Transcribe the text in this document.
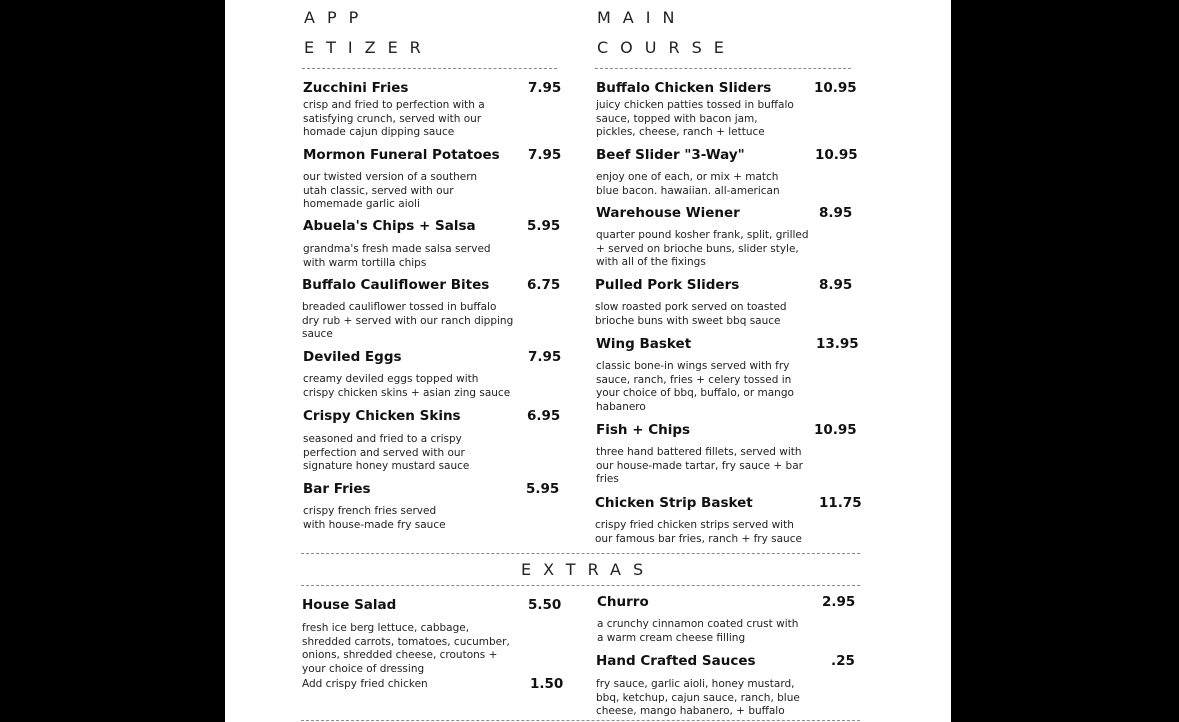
APP
ETIZER
MAIN
COURSE
Zucchini Fries	7.95
crisp and fried to perfection with a
satisfying crunch, served with our
homade cajun dipping sauce
Mormon Funeral Potatoes 7.95
our twisted version of a southern
utah classic, served with our
homemade garlic aioli
Abuela's Chips + Salsa	5.95
grandma's fresh made salsa served
with warm tortilla chips
Buffalo Cauliflower Bites	6.75
breaded cauliflower tossed in buffalo
dry rub + served with our ranch dipping
sauce
Deviled Eggs	7.95
creamy deviled eggs topped with
crispy chicken skins + asian zing sauce
Crispy Chicken Skins	6.95
seasoned and fried to a crispy
perfection and served with our
signature honey mustard sauce
Bar Fries	5.95
crispy french fries served
with house-made fry sauce
Buffalo Chicken Sliders	10.95
juicy chicken patties tossed in buffalo
sauce, topped with bacon jam,
pickles, cheese, ranch + lettuce
Beef Slider "3-Way"	10.95
enjoy one of each, or mix + match
blue bacon. hawaiian. all-american
Warehouse Wiener	8.95
quarter pound kosher frank, split, grilled
+ served on brioche buns, slider style,
with all of the fixings
Pulled Pork Sliders	8.95
slow roasted pork served on toasted
brioche buns with sweet bbq sauce
Wing Basket	13.95
classic bone-in wings served with fry
sauce, ranch, fries + celery tossed in
your choice of bbq, buffalo, or mango
habanero
Fish + Chips	10.95
three hand battered fillets, served with
our house-made tartar, fry sauce + bar
fries
Chicken Strip Basket	11.75
crispy fried chicken strips served with
our famous bar fries, ranch + fry sauce
EXTRAS
House Salad	5.50
fresh ice berg lettuce, cabbage,
shredded carrots, tomatoes, cucumber,
onions, shredded cheese, croutons +
your choice of dressing
Add crispy fried chicken	1.50
Churro	2.95
a crunchy cinnamon coated crust with
a warm cream cheese filling
Hand Crafted Sauces	.25
fry sauce, garlic aioli, honey mustard,
bbq, ketchup, cajun sauce, ranch, blue
cheese, mango habanero, + buffalo
